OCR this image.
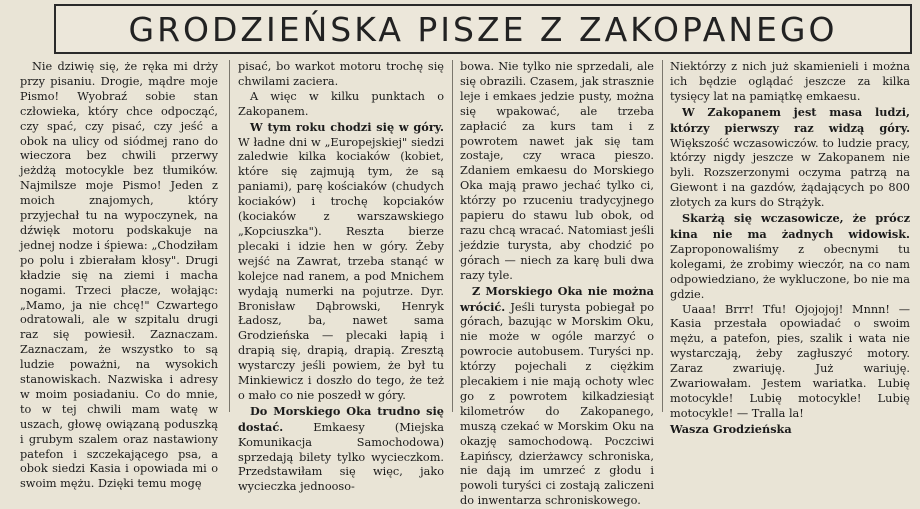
GRODZIEŃSKA PISZE Z ZAKOPANEGO

Nie dziwię się, że ręka mi drży przy pisaniu. Drogie, mądre moje Pismo! Wyobraź sobie stan człowieka, który chce odpocząć, czy spać, czy pisać, czy jeść a obok na ulicy od siódmej rano do wieczora bez chwili przerwy jeżdżą motocykle bez tłumików. Najmilsze moje Pismo! Jeden z moich znajomych, który przyjechał tu na wypoczynek, na dźwięk motoru podskakuje na jednej nodze i śpiewa: „Chodziłam po polu i zbierałam kłosy". Drugi kładzie się na ziemi i macha nogami. Trzeci płacze, wołając: „Mamo, ja nie chcę!" Czwartego odratowali, ale w szpitalu drugi raz się powiesił. Zaznaczam. Zaznaczam, że wszystko to są ludzie poważni, na wysokich stanowiskach. Nazwiska i adresy w moim posiadaniu. Co do mnie, to w tej chwili mam watę w uszach, głowę owiązaną poduszką i grubym szalem oraz nastawiony patefon i szczekającego psa, a obok siedzi Kasia i opowiada mi o swoim mężu. Dzięki temu mogę

pisać, bo warkot motoru trochę się chwilami zaciera.

A więc w kilku punktach o Zakopanem.

W tym roku chodzi się w góry. W ładne dni w „Europejskiej" siedzi zaledwie kilka kociaków (kobiet, które się zajmują tym, że są paniami), parę kościaków (chudych kociaków) i trochę kopciaków (kociaków z warszawskiego „Kopciuszka"). Reszta bierze plecaki i idzie hen w góry. Żeby wejść na Zawrat, trzeba stanąć w kolejce nad ranem, a pod Mnichem wydają numerki na pojutrze. Dyr. Bronisław Dąbrowski, Henryk Ładosz, ba, nawet sama Grodzieńska — plecaki łapią i drapią się, drapią, drapią. Zresztą wystarczy jeśli powiem, że był tu Minkiewicz i doszło do tego, że też o mało co nie poszedł w góry.

Do Morskiego Oka trudno się dostać. Emkaesy (Miejska Komunikacja Samochodowa) sprzedają bilety tylko wycieczkom. Przedstawiłam się więc, jako wycieczka jednooso-

bowa. Nie tylko nie sprzedali, ale się obrazili. Czasem, jak strasznie leje i emkaes jedzie pusty, można się wpakować, ale trzeba zapłacić za kurs tam i z powrotem nawet jak się tam zostaje, czy wraca pieszo. Zdaniem emkaesu do Morskiego Oka mają prawo jechać tylko ci, którzy po rzuceniu tradycyjnego papieru do stawu lub obok, od razu chcą wracać. Natomiast jeśli jeździe turysta, aby chodzić po górach — niech za karę buli dwa razy tyle.

Z Morskiego Oka nie można wrócić. Jeśli turysta pobiegał po górach, bazując w Morskim Oku, nie może w ogóle marzyć o powrocie autobusem. Turyści np. którzy pojechali z ciężkim plecakiem i nie mają ochoty wlec go z powrotem kilkadziesiąt kilometrów do Zakopanego, muszą czekać w Morskim Oku na okazję samochodową. Poczciwi Łapińscy, dzierżawcy schroniska, nie dają im umrzeć z głodu i powoli turyści ci zostają zaliczeni do inwentarza schroniskowego.

Niektórzy z nich już skamienieli i można ich będzie oglądać jeszcze za kilka tysięcy lat na pamiątkę emkaesu.

W Zakopanem jest masa ludzi, którzy pierwszy raz widzą góry. Większość wczasowiczów. to ludzie pracy, którzy nigdy jeszcze w Zakopanem nie byli. Rozszerzonymi oczyma patrzą na Giewont i na gazdów, żądających po 800 złotych za kurs do Strążyk.

Skarżą się wczasowicze, że prócz kina nie ma żadnych widowisk. Zaproponowaliśmy z obecnymi tu kolegami, że zrobimy wieczór, na co nam odpowiedziano, że wykluczone, bo nie ma gdzie.

Uaaa! Brrr! Tfu! Ojojojoj! Mnnn! — Kasia przestała opowiadać o swoim mężu, a patefon, pies, szalik i wata nie wystarczają, żeby zagłuszyć motory. Zaraz zwariuję. Już wariuję. Zwariowałam. Jestem wariatka. Lubię motocykle! Lubię motocykle! Lubię motocykle! — Tralla la!

Wasza Grodzieńska
